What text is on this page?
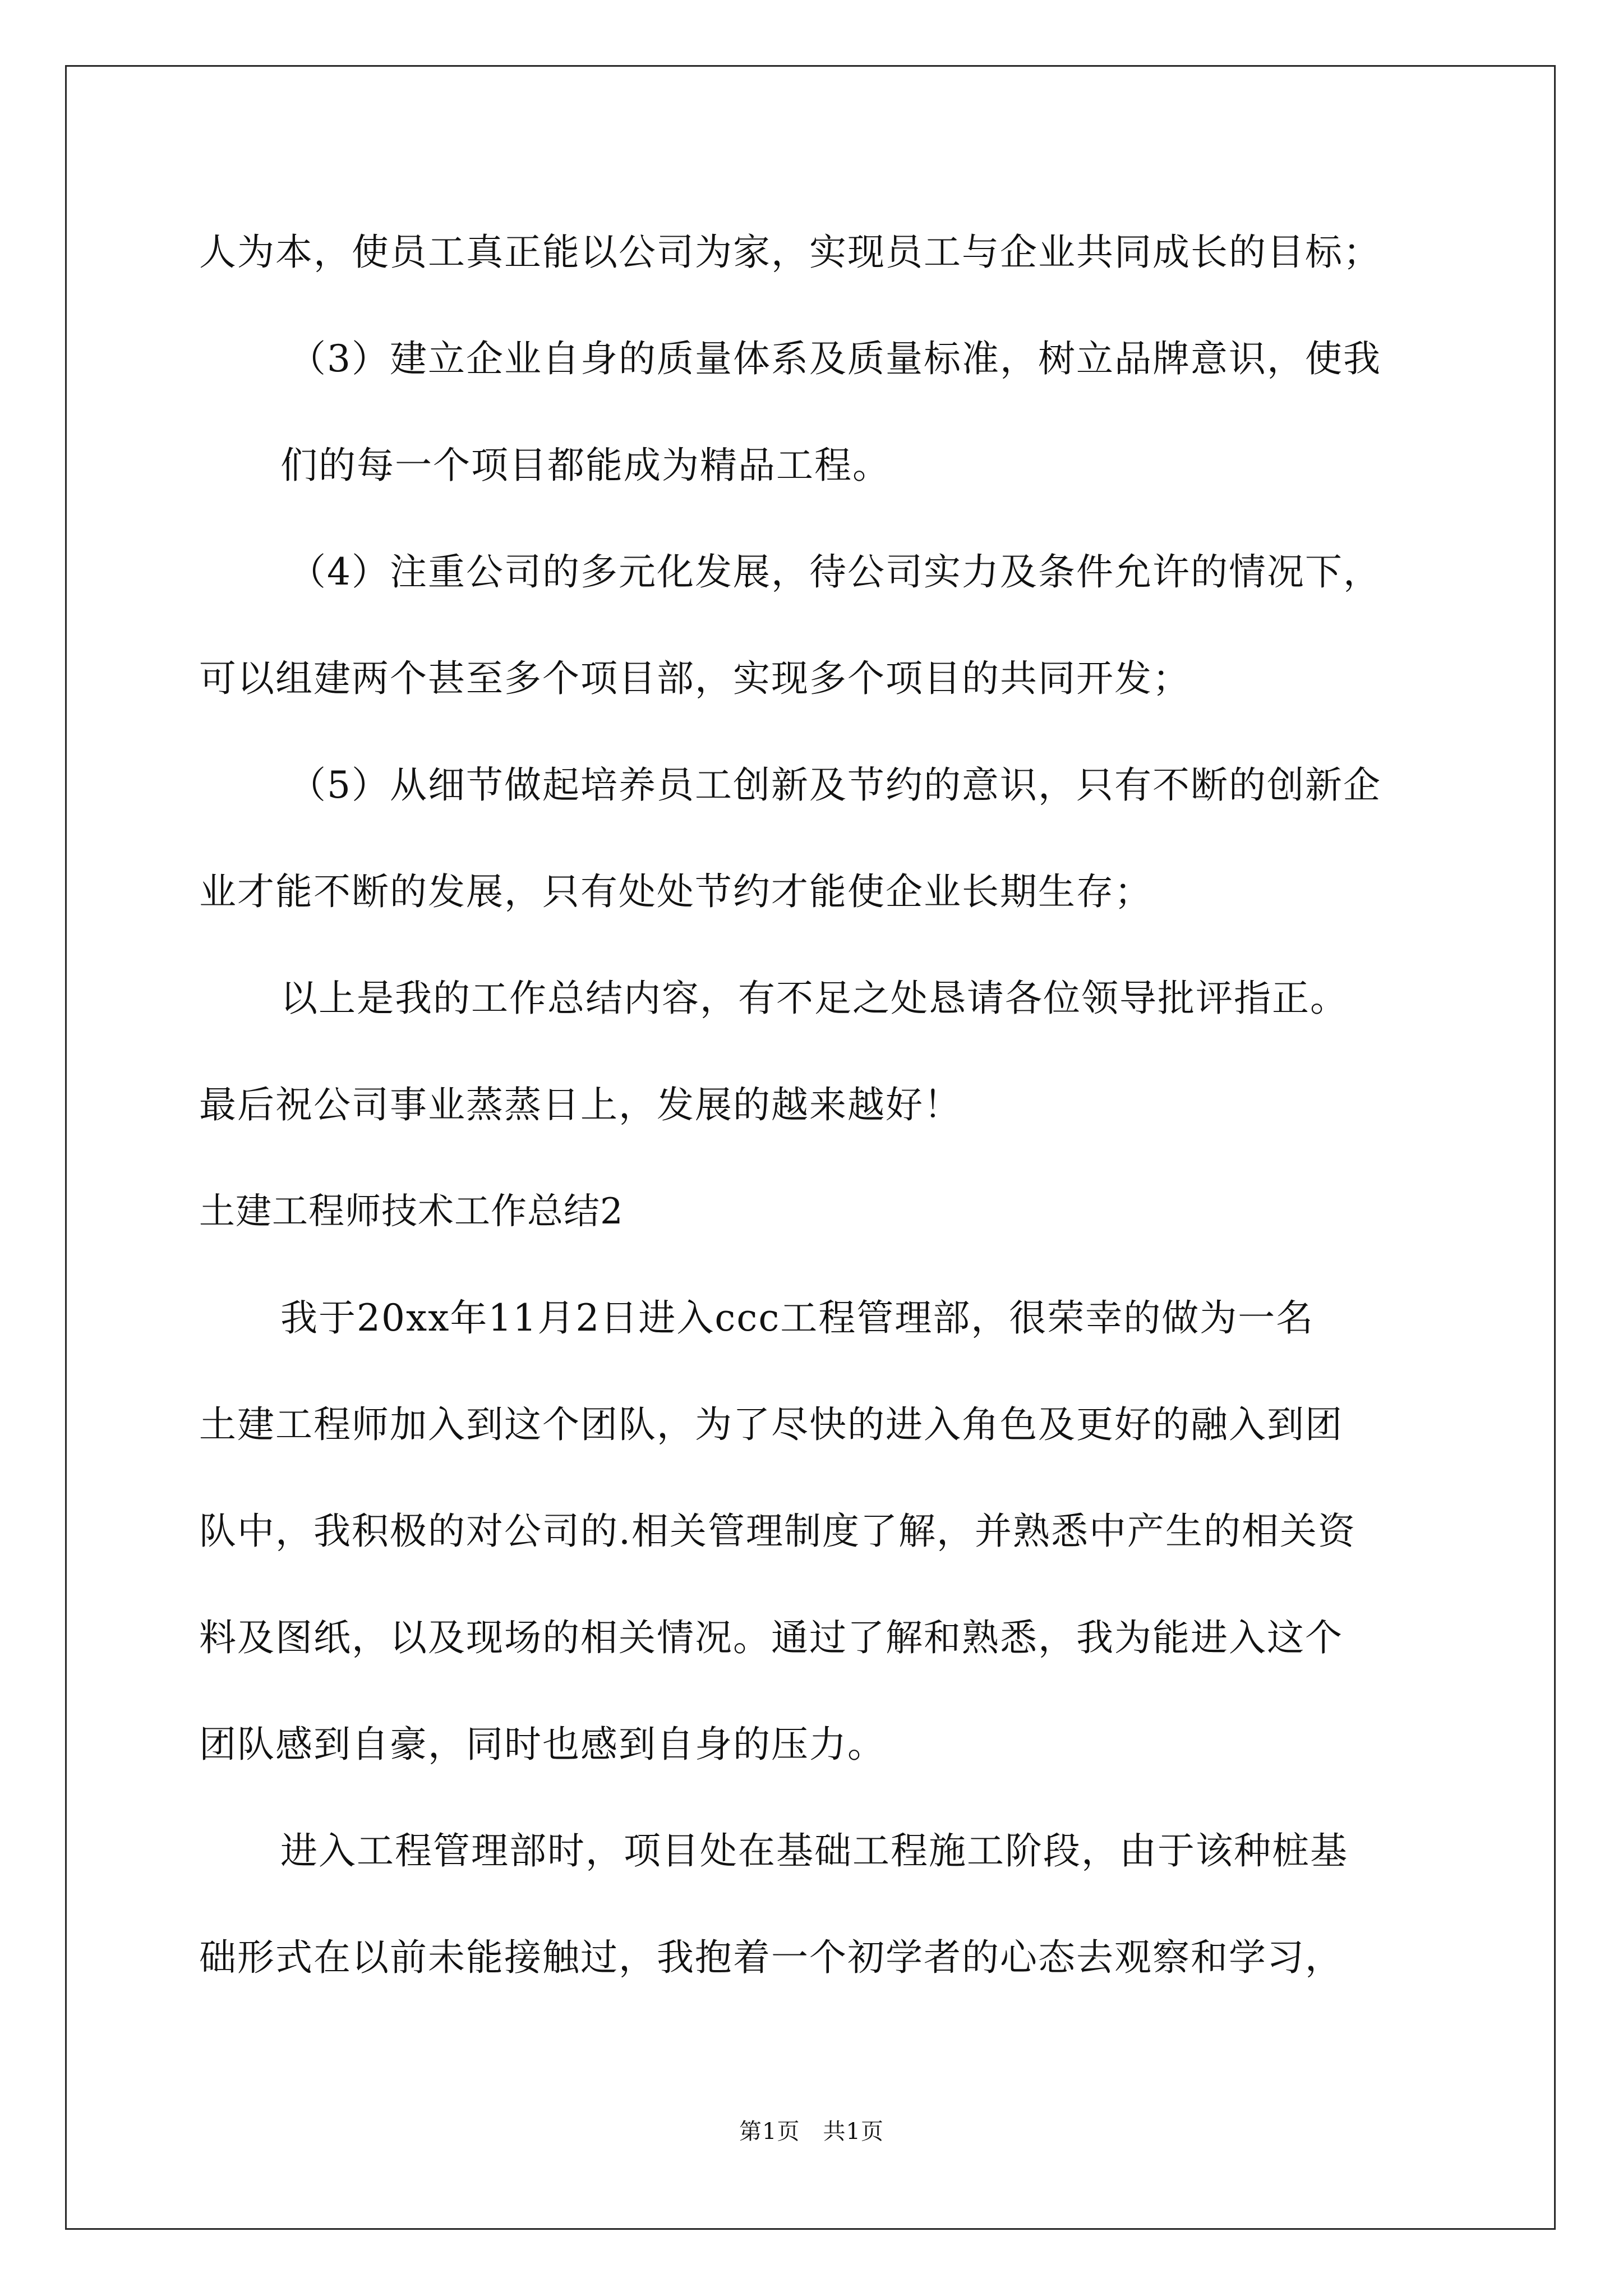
人为本，使员工真正能以公司为家，实现员工与企业共同成长的目标；
（3）建立企业自身的质量体系及质量标准，树立品牌意识，使我
们的每一个项目都能成为精品工程。
（4）注重公司的多元化发展，待公司实力及条件允许的情况下，
可以组建两个甚至多个项目部，实现多个项目的共同开发；
（5）从细节做起培养员工创新及节约的意识，只有不断的创新企
业才能不断的发展，只有处处节约才能使企业长期生存；
以上是我的工作总结内容，有不足之处恳请各位领导批评指正。
最后祝公司事业蒸蒸日上，发展的越来越好！
土建工程师技术工作总结2
我于20xx年11月2日进入ccc工程管理部，很荣幸的做为一名
土建工程师加入到这个团队，为了尽快的进入角色及更好的融入到团
队中，我积极的对公司的.相关管理制度了解，并熟悉中产生的相关资
料及图纸，以及现场的相关情况。通过了解和熟悉，我为能进入这个
团队感到自豪，同时也感到自身的压力。
进入工程管理部时，项目处在基础工程施工阶段，由于该种桩基
础形式在以前未能接触过，我抱着一个初学者的心态去观察和学习，
第1页　共1页
